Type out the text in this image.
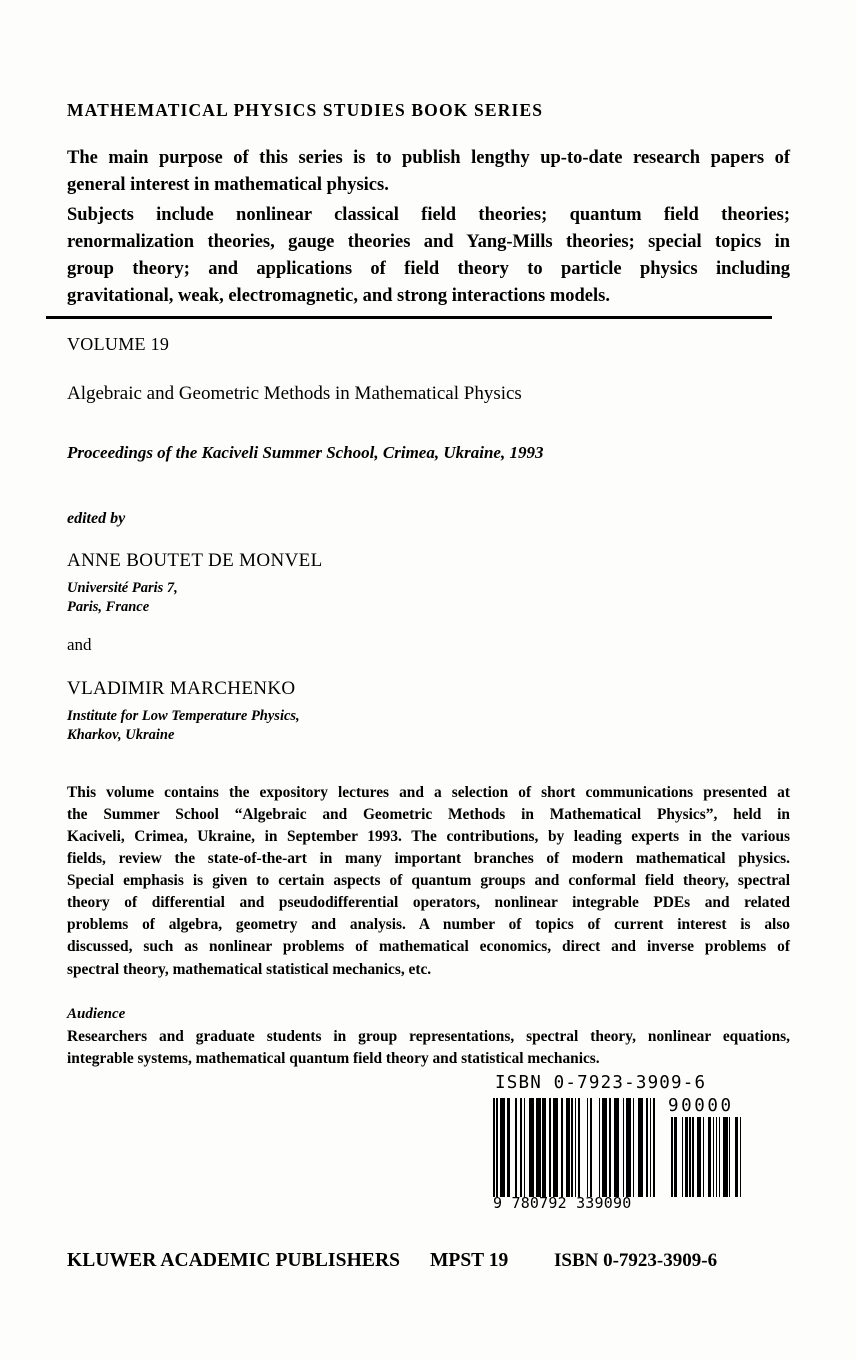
MATHEMATICAL PHYSICS STUDIES BOOK SERIES

The main purpose of this series is to publish lengthy up-to-date research papers of
general interest in mathematical physics.

Subjects include nonlinear classical field theories; quantum field theories;
renormalization theories, gauge theories and Yang-Mills theories; special topics in
group theory; and applications of field theory to particle physics including
gravitational, weak, electromagnetic, and strong interactions models.

VOLUME 19

Algebraic and Geometric Methods in Mathematical Physics

Proceedings of the Kaciveli Summer School, Crimea, Ukraine, 1993

edited by

ANNE BOUTET DE MONVEL

Université Paris 7,
Paris, France

and

VLADIMIR MARCHENKO

Institute for Low Temperature Physics,
Kharkov, Ukraine

This volume contains the expository lectures and a selection of short communications presented at
the Summer School “Algebraic and Geometric Methods in Mathematical Physics”, held in
Kaciveli, Crimea, Ukraine, in September 1993. The contributions, by leading experts in the various
fields, review the state-of-the-art in many important branches of modern mathematical physics.
Special emphasis is given to certain aspects of quantum groups and conformal field theory, spectral
theory of differential and pseudodifferential operators, nonlinear integrable PDEs and related
problems of algebra, geometry and analysis. A number of topics of current interest is also
discussed, such as nonlinear problems of mathematical economics, direct and inverse problems of
spectral theory, mathematical statistical mechanics, etc.

Audience

Researchers and graduate students in group representations, spectral theory, nonlinear equations,
integrable systems, mathematical quantum field theory and statistical mechanics.

ISBN 0-7923-3909-6
90000
9 780792 339090
KLUWER ACADEMIC PUBLISHERS MPST 19 ISBN 0-7923-3909-6
